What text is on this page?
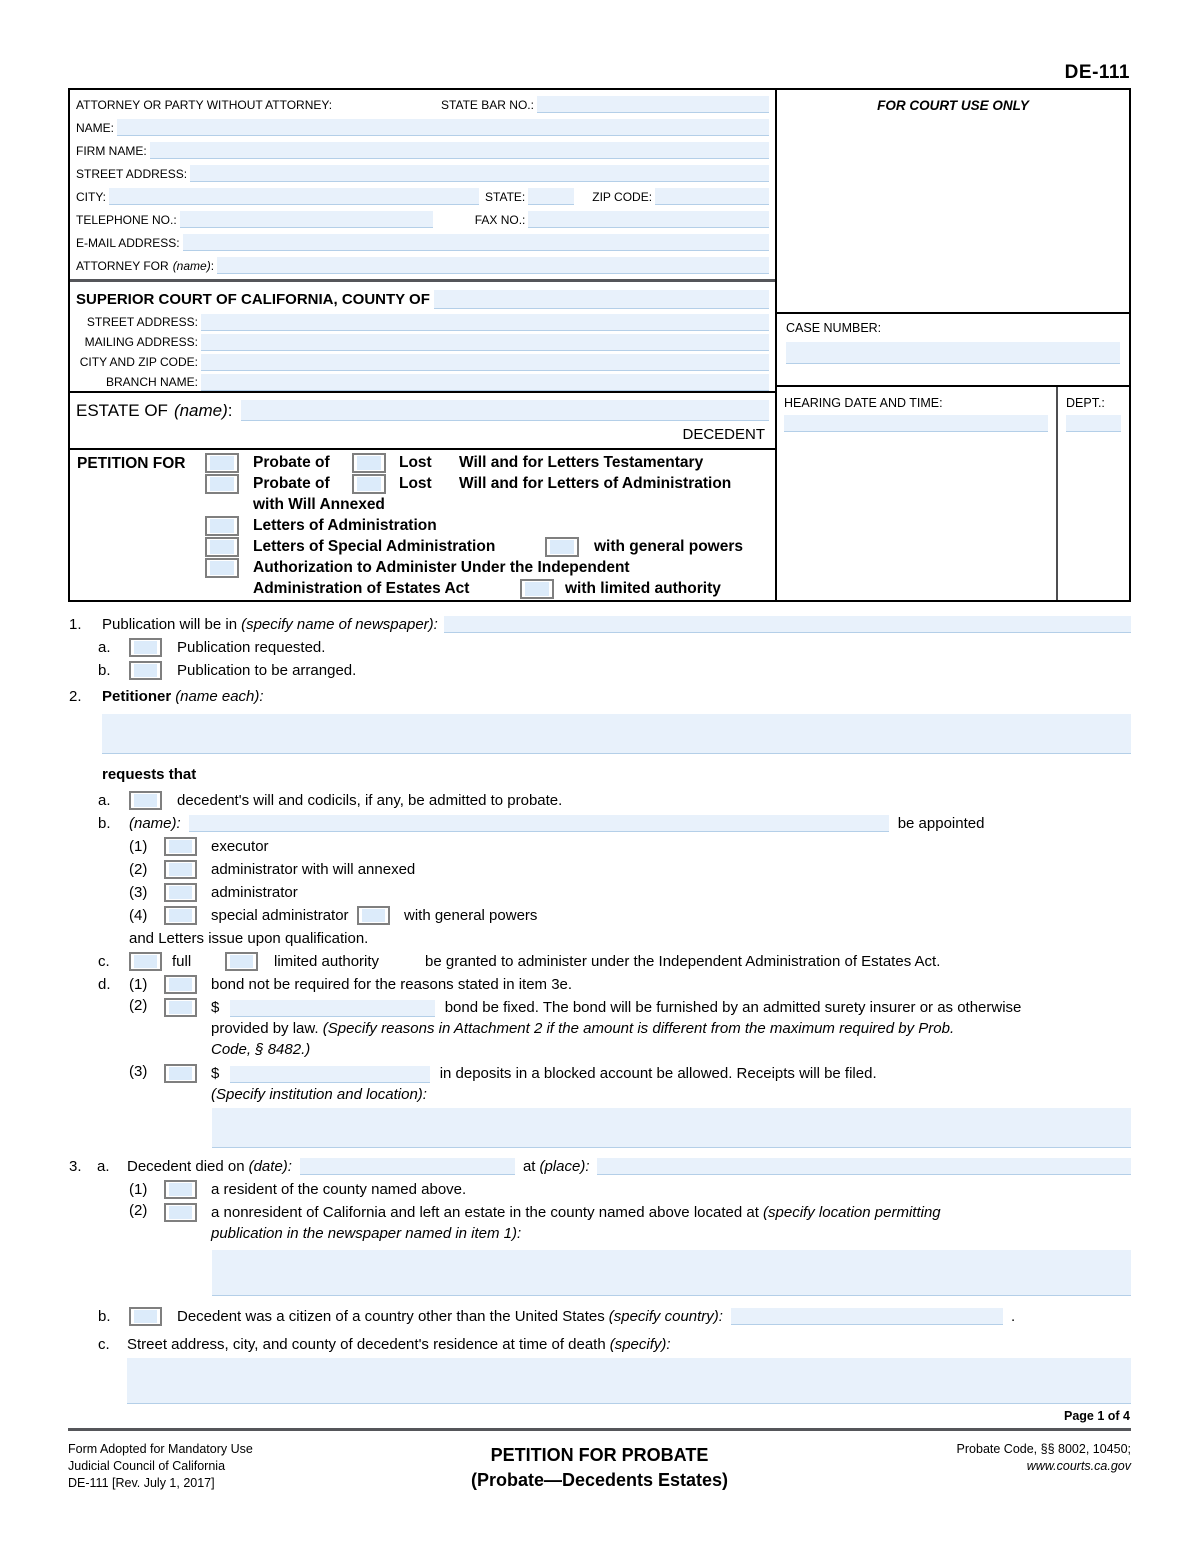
DE-111
ATTORNEY OR PARTY WITHOUT ATTORNEY:	STATE BAR NO.:
NAME:
FIRM NAME:
STREET ADDRESS:
CITY:	STATE:	ZIP CODE:
TELEPHONE NO.:	FAX NO.:
E-MAIL ADDRESS:
ATTORNEY FOR (name) :
SUPERIOR COURT OF CALIFORNIA, COUNTY OF
STREET ADDRESS:
MAILING ADDRESS:
CITY AND ZIP CODE:
BRANCH NAME:
ESTATE OF (name) :
DECEDENT
PETITION FOR	Probate of	Lost	Will and for Letters Testamentary
Probate of	Lost	Will and for Letters of Administration
with Will Annexed
Letters of Administration
Letters of Special Administration	with general powers
Authorization to Administer Under the Independent
Administration of Estates Act	with limited authority
FOR COURT USE ONLY
CASE NUMBER:
HEARING DATE AND TIME:	DEPT.:
1.	Publication will be in (specify name of newspaper):
a.	Publication requested.
b.	Publication to be arranged.
2.	Petitioner (name each):
requests that
a.	decedent's will and codicils, if any, be admitted to probate.
b.	(name):	be appointed
(1)	executor
(2)	administrator with will annexed
(3)	administrator
(4)	special administrator	with general powers
and Letters issue upon qualification.
c.	full	limited authority	be granted to administer under the Independent Administration of Estates Act.
d.	(1)	bond not be required for the reasons stated in item 3e.
(2)	$	bond be fixed. The bond will be furnished by an admitted surety insurer or as otherwise
provided by law. (Specify reasons in Attachment 2 if the amount is different from the maximum required by Prob.
Code, § 8482.)
(3)	$	in deposits in a blocked account be allowed. Receipts will be filed.
(Specify institution and location):
3.	a.	Decedent died on (date):	at (place):
(1)	a resident of the county named above.
(2)	a nonresident of California and left an estate in the county named above located at (specify location permitting
publication in the newspaper named in item 1):
b.	Decedent was a citizen of a country other than the United States (specify country):	.
c.	Street address, city, and county of decedent's residence at time of death (specify):
Page 1 of 4
Form Adopted for Mandatory Use
Judicial Council of California
DE-111 [Rev. July 1, 2017]
PETITION FOR PROBATE
(Probate—Decedents Estates)
Probate Code, §§ 8002, 10450;
www.courts.ca.gov
